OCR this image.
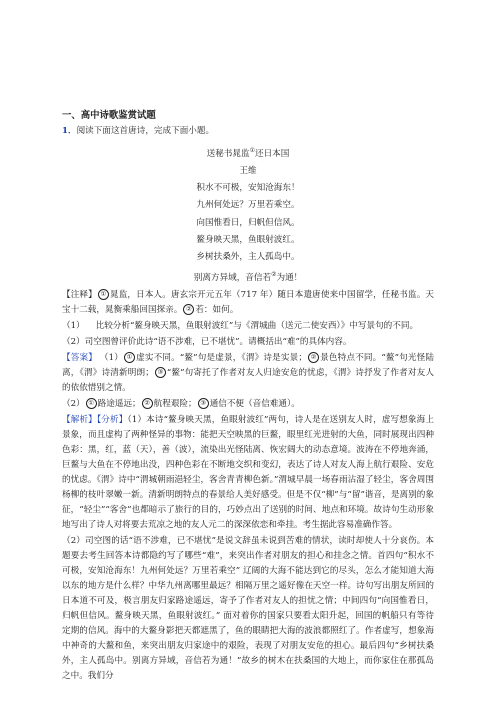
一、高中诗歌鉴赏试题
1．阅读下面这首唐诗，完成下面小题。
送秘书晁监①还日本国
王维
积水不可极，安知沧海东！
九州何处远？万里若乘空。
向国惟看日，归帆但信风。
鳌身映天黑，鱼眼射波红。
乡树扶桑外，主人孤岛中。
别离方异域，音信若②为通！
【注释】 ① 晁监，日本人。唐玄宗开元五年（717 年）随日本遣唐使来中国留学，任秘书监。天宝十二载，晁衡乘船回国探亲。 ② 若：如何。
（1） 比较分析“鳌身映天黑，鱼眼射波红”与《渭城曲（送元二使安西）》中写景句的不同。
（2）司空图曾评价此诗“语不涉难，已不堪忧”。请概括出“难”的具体内容。
【答案】 （1） ① 虚实不同。“鳌”句是虚景，《渭》诗是实景； ② 景色特点不同。“鳌”句光怪陆离，《渭》诗清新明朗； ③ “鳌”句寄托了作者对友人归途安危的忧虑，《渭》诗抒发了作者对友人的依依惜别之情。
（2） ① 路途遥远； ② 航程艰险； ③ 通信不便（音信难通）。
【解析】【分析】（1）本诗“鳌身映天黑，鱼眼射波红”两句，诗人是在送别友人时，虚写想象海上景象，而且虚构了两种怪异的事物：能把天空映黑的巨鳌，眼里红光进射的大鱼，同时展现出四种色彩：黑，红，蓝（天），善（波），流染出光怪陆离、恢宏阔大的动态意境。波涛在不停地奔涌，巨鳌与大鱼在不停地出没，四种色彩在不断地交织和变幻，表达了诗人对友人海上航行艰险、安危的忧虑。《渭》诗中“渭城朝雨浥轻尘，客舍青青柳色新。”渭城早晨一场春雨沾湿了轻尘，客舍周围杨柳的枝叶翠嫩一新。清新明朗特点的春景给人美好感受。但是不仅“柳”与“留”谐音，是离别的象征，“轻尘”“客舍”也都暗示了旅行的目的，巧妙点出了送别的时间、地点和环境。故诗句生动形象地写出了诗人对将要去荒凉之地的友人元二的深深依恋和牵挂。考生据此容易准确作答。
（2）司空图的话“语不涉难，已不堪忧”是说文辞虽未说到苦难的情状，读时却使人十分哀伤。本题要去考生回答本诗都隐约写了哪些“难”，来突出作者对朋友的担心和挂念之情。首四句“积水不可极，安知沧海东！九州何处远？万里若乘空” 辽阔的大海不能达到它的尽头，怎么才能知道大海以东的地方是什么样？中华九州离哪里最远？相隔万里之遥好像在天空一样。诗句写出朋友所回的日本道不可及，极言朋友归家路途遥远，寄予了作者对友人的担忧之情；中间四句“向国惟看日，归帆但信风。鳌身映天黑，鱼眼射波红。” 面对着你的国家只要看太阳升起，回国的帆船只有等待定期的信风。海中的大鳌身影把天都遮黑了，鱼的眼睛把大海的波浪都照红了。作者虚写，想象海中神奇的大鳌和鱼，来突出朋友归家途中的艰险，表现了对朋友安危的担心。最后四句“乡树扶桑外，主人孤岛中。别离方异域，音信若为通！”故乡的树木在扶桑国的大地上，而你家住在那孤岛之中。我们分
